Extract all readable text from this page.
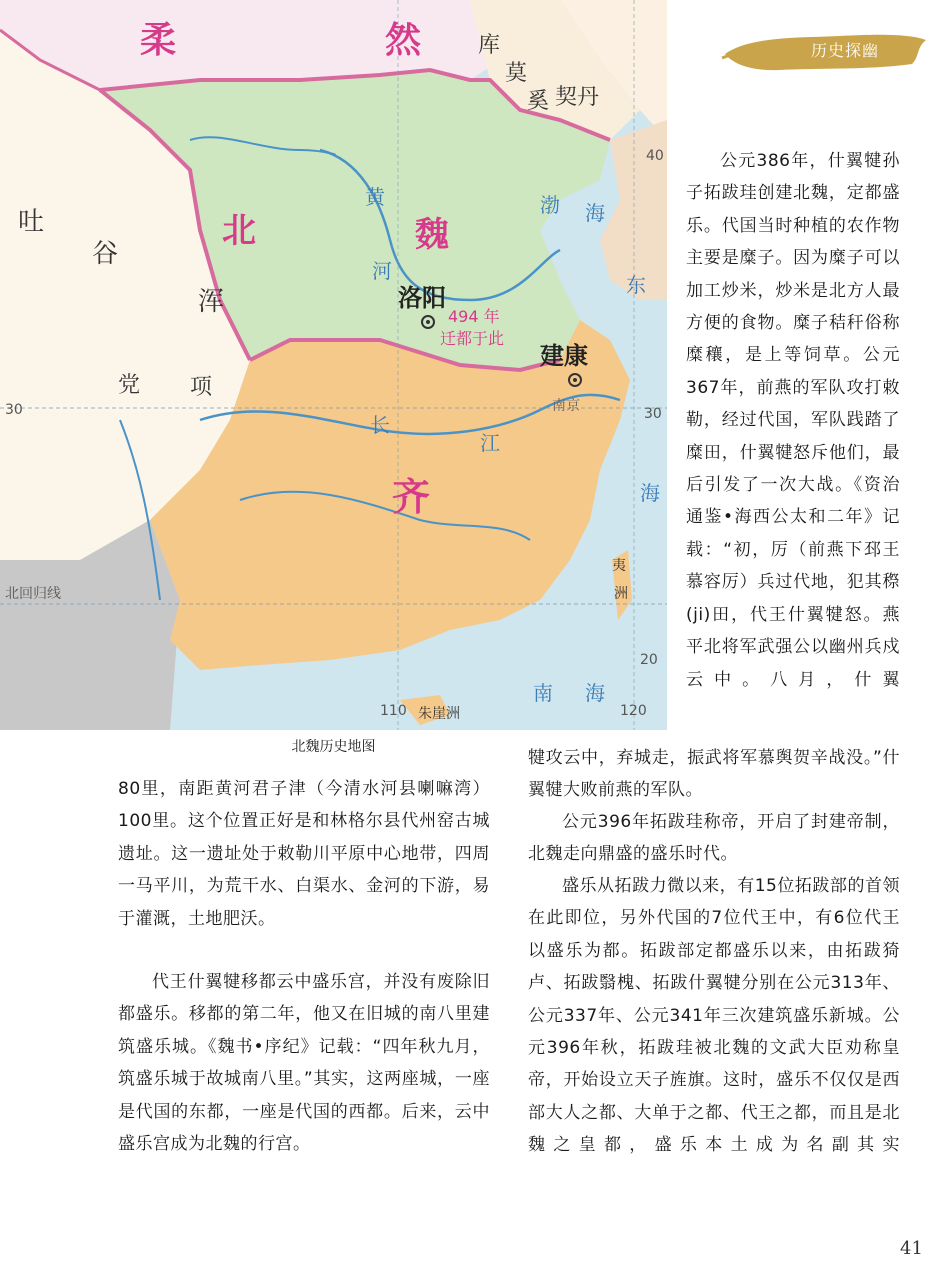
柔	然	库
莫
奚 契丹
吐
谷
浑
北	魏
黄
河
渤 海
洛阳
494 年
迁都于此
建康
南京
党 项
长
江
齐
东
海
夷
洲
南 海
北回归线
朱崖洲
30	30
20
110	120
40
北魏历史地图
历史探幽

公元386年，什翼犍孙子拓跋珪创建北魏，定都盛乐。代国当时种植的农作物主要是糜子。因为糜子可以加工炒米，炒米是北方人最方便的食物。糜子秸秆俗称糜穰，是上等饲草。公元367年，前燕的军队攻打敕勒，经过代国，军队践踏了糜田，什翼犍怒斥他们，最后引发了一次大战。《资治通鉴•海西公太和二年》记载：“初，厉（前燕下邳王慕容厉）兵过代地，犯其穄(ji)田，代王什翼犍怒。燕平北将军武强公以幽州兵戍云中。八月，什翼

犍攻云中，弃城走，振武将军慕舆贺辛战没。”什翼犍大败前燕的军队。

公元396年拓跋珪称帝，开启了封建帝制，北魏走向鼎盛的盛乐时代。

盛乐从拓跋力微以来，有15位拓跋部的首领在此即位，另外代国的7位代王中，有6位代王以盛乐为都。拓跋部定都盛乐以来，由拓跋猗卢、拓跋翳槐、拓跋什翼犍分别在公元313年、公元337年、公元341年三次建筑盛乐新城。公元396年秋，拓跋珪被北魏的文武大臣劝称皇帝，开始设立天子旌旗。这时，盛乐不仅仅是西部大人之都、大单于之都、代王之都，而且是北魏之皇都，盛乐本土成为名副其实

80里，南距黄河君子津（今清水河县喇嘛湾）100里。这个位置正好是和林格尔县代州窑古城遗址。这一遗址处于敕勒川平原中心地带，四周一马平川，为荒干水、白渠水、金河的下游，易于灌溉，土地肥沃。

代王什翼犍移都云中盛乐宫，并没有废除旧都盛乐。移都的第二年，他又在旧城的南八里建筑盛乐城。《魏书•序纪》记载：“四年秋九月，筑盛乐城于故城南八里。”其实，这两座城，一座是代国的东都，一座是代国的西都。后来，云中盛乐宫成为北魏的行宫。

41
